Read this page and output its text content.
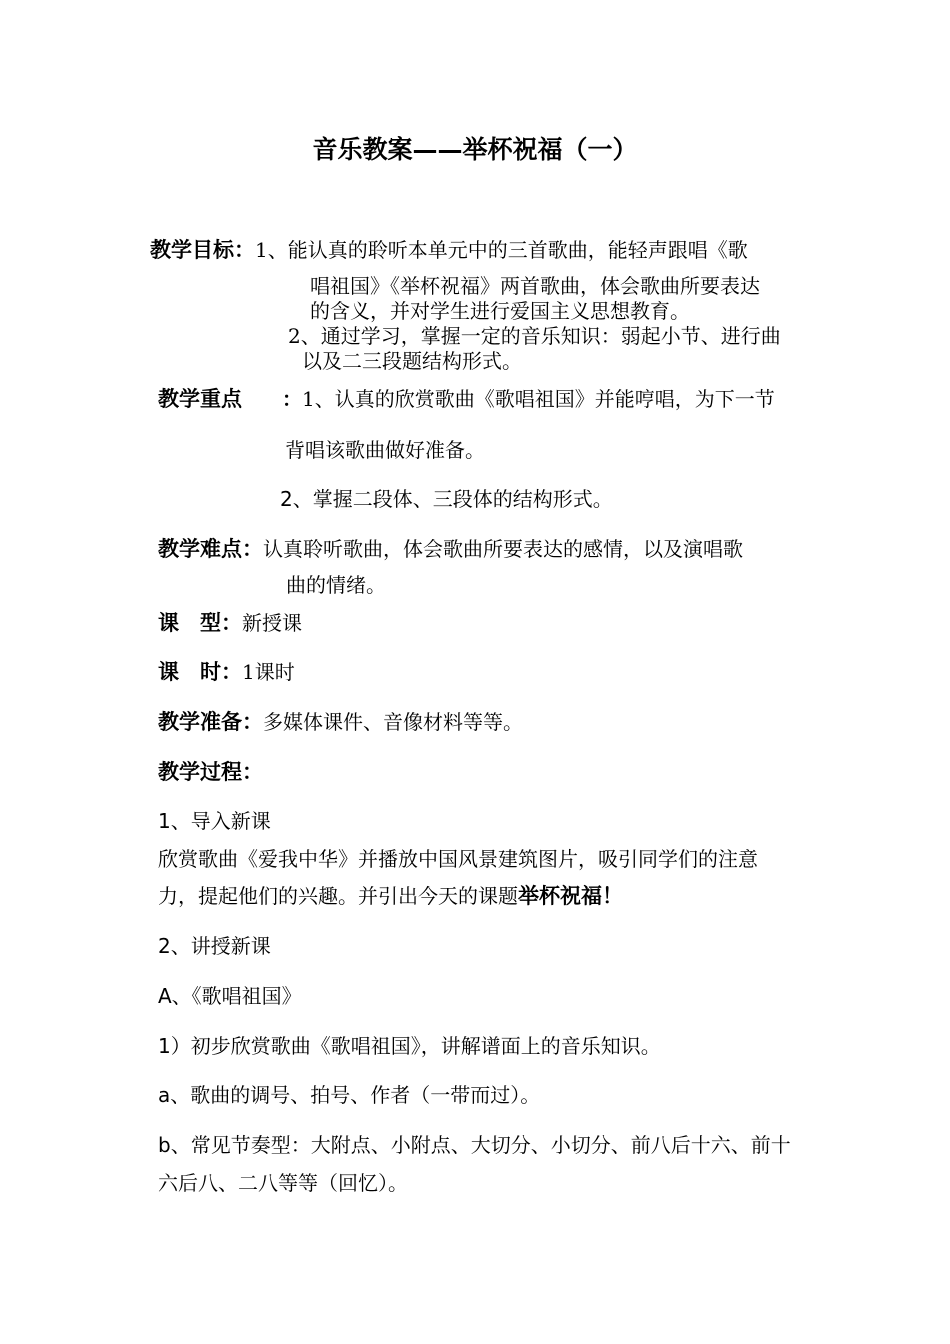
音乐教案——举杯祝福（一）
教学目标：1、能认真的聆听本单元中的三首歌曲，能轻声跟唱《歌
唱祖国》《举杯祝福》两首歌曲，体会歌曲所要表达
的含义，并对学生进行爱国主义思想教育。
2、通过学习，掌握一定的音乐知识：弱起小节、进行曲
以及二三段题结构形式。
教学重点 ：1、认真的欣赏歌曲《歌唱祖国》并能哼唱，为下一节
背唱该歌曲做好准备。
2、掌握二段体、三段体的结构形式。
教学难点：认真聆听歌曲，体会歌曲所要表达的感情，以及演唱歌
曲的情绪。
课　型：新授课
课　时：1课时
教学准备：多媒体课件、音像材料等等。
教学过程：
1、导入新课
欣赏歌曲《爱我中华》并播放中国风景建筑图片，吸引同学们的注意
力，提起他们的兴趣。并引出今天的课题举杯祝福！
2、讲授新课
A、《歌唱祖国》
1）初步欣赏歌曲《歌唱祖国》，讲解谱面上的音乐知识。
a、歌曲的调号、拍号、作者（一带而过）。
b、常见节奏型：大附点、小附点、大切分、小切分、前八后十六、前十
六后八、二八等等（回忆）。
